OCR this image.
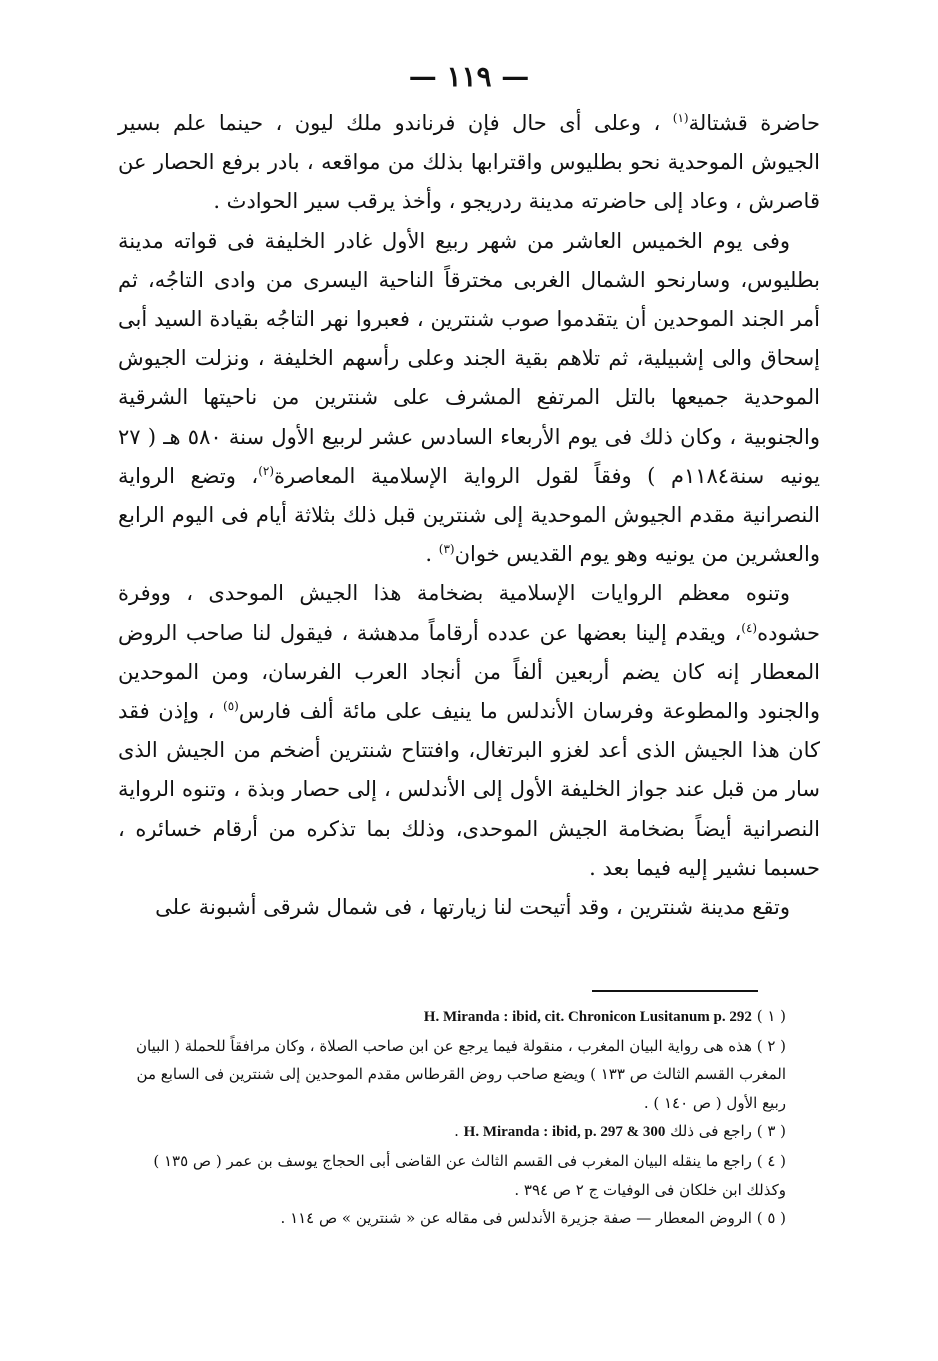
— ١١٩ —

حاضرة قشتالة$^{(١)}$ ، وعلى أى حال فإن فرناندو ملك ليون ، حينما علم بسير الجيوش الموحدية نحو بطليوس واقترابها بذلك من مواقعه ، بادر برفع الحصار عن قاصرش ، وعاد إلى حاضرته مدينة ردريجو ، وأخذ يرقب سير الحوادث .

وفى يوم الخميس العاشر من شهر ربيع الأول غادر الخليفة فى قواته مدينة بطليوس، وسارنحو الشمال الغربى مخترقاً الناحية اليسرى من وادى التاجُه، ثم أمر الجند الموحدين أن يتقدموا صوب شنترين ، فعبروا نهر التاجُه بقيادة السيد أبى إسحاق والى إشبيلية، ثم تلاهم بقية الجند وعلى رأسهم الخليفة ، ونزلت الجيوش الموحدية جميعها بالتل المرتفع المشرف على شنترين من ناحيتها الشرقية والجنوبية ، وكان ذلك فى يوم الأربعاء السادس عشر لربيع الأول سنة ٥٨٠ هـ ( ٢٧ يونيه سنة١١٨٤م ) وفقاً لقول الرواية الإسلامية المعاصرة$^{(٢)}$، وتضع الرواية النصرانية مقدم الجيوش الموحدية إلى شنترين قبل ذلك بثلاثة أيام فى اليوم الرابع والعشرين من يونيه وهو يوم القديس خوان$^{(٣)}$ .

وتنوه معظم الروايات الإسلامية بضخامة هذا الجيش الموحدى ، ووفرة حشوده$^{(٤)}$، ويقدم إلينا بعضها عن عدده أرقاماً مدهشة ، فيقول لنا صاحب الروض المعطار إنه كان يضم أربعين ألفاً من أنجاد العرب الفرسان، ومن الموحدين والجنود والمطوعة وفرسان الأندلس ما ينيف على مائة ألف فارس$^{(٥)}$ ، وإذن فقد كان هذا الجيش الذى أعد لغزو البرتغال، وافتتاح شنترين أضخم من الجيش الذى سار من قبل عند جواز الخليفة الأول إلى الأندلس ، إلى حصار وبذة ، وتنوه الرواية النصرانية أيضاً بضخامة الجيش الموحدى، وذلك بما تذكره من أرقام خسائره ، حسبما نشير إليه فيما بعد .

وتقع مدينة شنترين ، وقد أتيحت لنا زيارتها ، فى شمال شرقى أشبونة على

( ١ ) H. Miranda : ibid, cit. Chronicon Lusitanum p. 292

( ٢ ) هذه هى رواية البيان المغرب ، منقولة فيما يرجع عن ابن صاحب الصلاة ، وكان مرافقاً للحملة ( البيان المغرب القسم الثالث ص ١٣٣ ) ويضع صاحب روض القرطاس مقدم الموحدين إلى شنترين فى السابع من ربيع الأول ( ص ١٤٠ ) .

( ٣ ) راجع فى ذلك H. Miranda : ibid, p. 297 & 300 .

( ٤ ) راجع ما ينقله البيان المغرب فى القسم الثالث عن القاضى أبى الحجاج يوسف بن عمر ( ص ١٣٥ ) وكذلك ابن خلكان فى الوفيات ج ٢ ص ٣٩٤ .

( ٥ ) الروض المعطار — صفة جزيرة الأندلس فى مقاله عن « شنترين » ص ١١٤ .
